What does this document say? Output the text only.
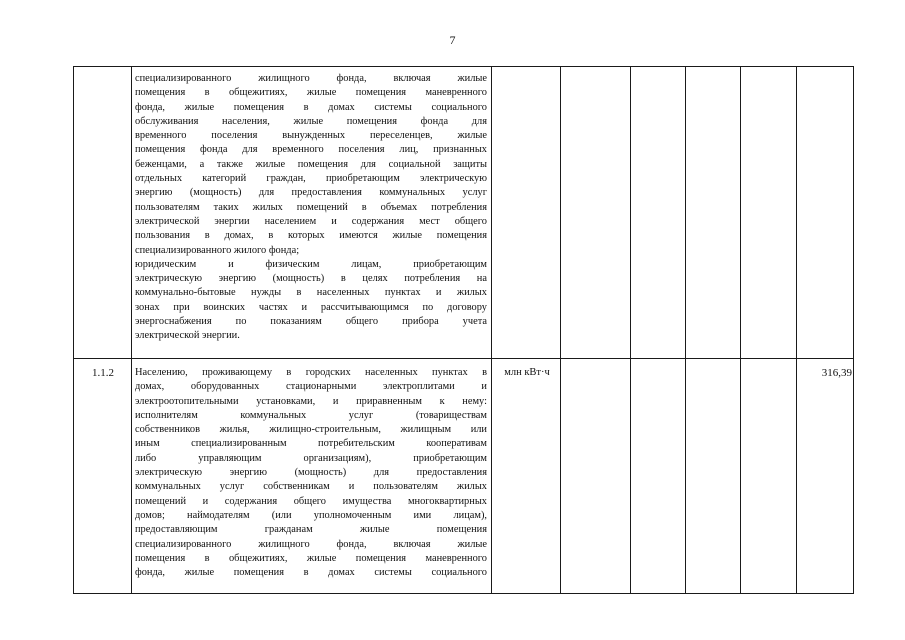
7
специализированного жилищного фонда, включая жилые
помещения в общежитиях, жилые помещения маневренного
фонда, жилые помещения в домах системы социального
обслуживания населения, жилые помещения фонда для
временного поселения вынужденных переселенцев, жилые
помещения фонда для временного поселения лиц, признанных
беженцами, а также жилые помещения для социальной защиты
отдельных категорий граждан, приобретающим электрическую
энергию (мощность) для предоставления коммунальных услуг
пользователям таких жилых помещений в объемах потребления
электрической энергии населением и содержания мест общего
пользования в домах, в которых имеются жилые помещения
специализированного жилого фонда;
юридическим и физическим лицам, приобретающим
электрическую энергию (мощность) в целях потребления на
коммунально-бытовые нужды в населенных пунктах и жилых
зонах при воинских частях и рассчитывающимся по договору
энергоснабжения по показаниям общего прибора учета
электрической энергии.
1.1.2	Населению, проживающему в городских населенных пунктах в
домах, оборудованных стационарными электроплитами и
электроотопительными установками, и приравненным к нему:
исполнителям коммунальных услуг (товариществам
собственников жилья, жилищно-строительным, жилищным или
иным специализированным потребительским кооперативам
либо управляющим организациям), приобретающим
электрическую энергию (мощность) для предоставления
коммунальных услуг собственникам и пользователям жилых
помещений и содержания общего имущества многоквартирных
домов; наймодателям (или уполномоченным ими лицам),
предоставляющим гражданам жилые помещения
специализированного жилищного фонда, включая жилые
помещения в общежитиях, жилые помещения маневренного
фонда, жилые помещения в домах системы социального
млн кВт·ч	316,39
